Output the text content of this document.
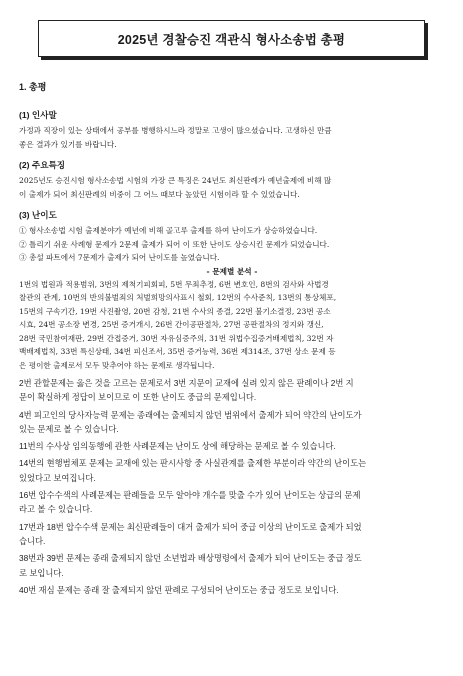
2025년 경찰승진 객관식 형사소송법 총평
1. 총평
(1) 인사말

가정과 직장이 있는 상태에서 공부를 병행하시느라 정말로 고생이 많으셨습니다. 고생하신 만큼

좋은 결과가 있기를 바랍니다.

(2) 주요특징

2025년도 승진시험 형사소송법 시험의 가장 큰 특징은 24년도 최신판례가 예년출제에 비해 많

이 출제가 되어 최신판례의 비중이 그 어느 때보다 높았던 시험이라 할 수 있었습니다.

(3) 난이도

① 형사소송법 시험 출제분야가 예년에 비해 골고루 출제를 하여 난이도가 상승하였습니다.

② 틀리기 쉬운 사례형 문제가 2문제 출제가 되어 이 또한 난이도 상승시킨 문제가 되었습니다.

③ 총설 파트에서 7문제가 출제가 되어 난이도를 높였습니다.

- 문제별 분석 -

1번의 법원과 적용범위, 3번의 제척기피회피, 5번 무죄추정, 6번 변호인, 8번의 검사와 사법경

찰관의 관계, 10번의 반의불벌죄의 처벌희망의사표시 철회, 12번의 수사준칙, 13번의 통상체포,

15번의 구속기간, 19번 사진촬영, 20번 감청, 21번 수사의 종결, 22번 불기소결정, 23번 공소

시효, 24번 공소장 변경, 25번 증거개시, 26번 간이공판절차, 27번 공판절차의 정지와 갱신,

28번 국민참여재판, 29번 간접증거, 30번 자유심증주의, 31번 위법수집증거배제법칙, 32번 자

백배제법칙, 33번 특신상태, 34번 피신조서, 35번 증거능력, 36번 제314조, 37번 상소 문제 등

은 평이한 출제로서 모두 맞추어야 하는 문제로 생각됩니다.

2번 관할문제는 옳은 것을 고르는 문제로서 3번 지문이 교재에 실려 있지 않은 판례이나 2번 지

문이 확실하게 정답이 보이므로 이 또한 난이도 중급의 문제입니다.

4번 피고인의 당사자능력 문제는 종래에는 출제되지 않던 범위에서 출제가 되어 약간의 난이도가

있는 문제로 볼 수 있습니다.

11번의 수사상 임의동행에 관한 사례문제는 난이도 상에 해당하는 문제로 볼 수 있습니다.

14번의 현행범체포 문제는 교재에 있는 판시사항 중 사실관계를 출제한 부분이라 약간의 난이도는

있었다고 보여집니다.

16번 압수수색의 사례문제는 판례들을 모두 알아야 개수를 맞출 수가 있어 난이도는 상급의 문제

라고 볼 수 있습니다.

17번과 18번 압수수색 문제는 최신판례들이 대거 출제가 되어 중급 이상의 난이도로 출제가 되었

습니다.

38번과 39번 문제는 종래 출제되지 않던 소년법과 배상명령에서 출제가 되어 난이도는 중급 정도

로 보입니다.

40번 재심 문제는 종래 잘 출제되지 않던 판례로 구성되어 난이도는 중급 정도로 보입니다.
